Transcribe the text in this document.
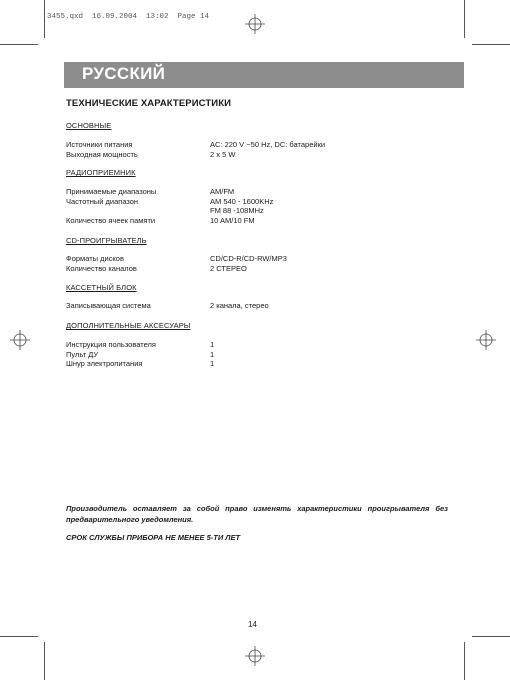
3455.qxd  16.09.2004  13:02  Page 14
РУССКИЙ
ТЕХНИЧЕСКИЕ ХАРАКТЕРИСТИКИ
ОСНОВНЫЕ
Источники питания	AC: 220 V ~50 Hz, DC: батарейки
Выходная мощность	2 x 5 W
РАДИОПРИЕМНИК
Принимаемые диапазоны	AM/FM
Частотный диапазон	AM 540 - 1600KHz
FM 88 -108MHz
Количество ячеек памяти	10 AM/10 FM
CD-ПРОИГРЫВАТЕЛЬ
Форматы дисков	CD/CD-R/CD-RW/MP3
Количество каналов	2 СТЕРЕО
КАССЕТНЫЙ БЛОК
Записывающая система	2 канала, стерео
ДОПОЛНИТЕЛЬНЫЕ АКСЕСУАРЫ
Инструкция пользователя	1
Пульт ДУ	1
Шнур электропитания	1
Производитель оставляет за собой право изменять характеристики проигрывателя без предварительного уведомления.
СРОК СЛУЖБЫ ПРИБОРА НЕ МЕНЕЕ 5-ТИ ЛЕТ
14
